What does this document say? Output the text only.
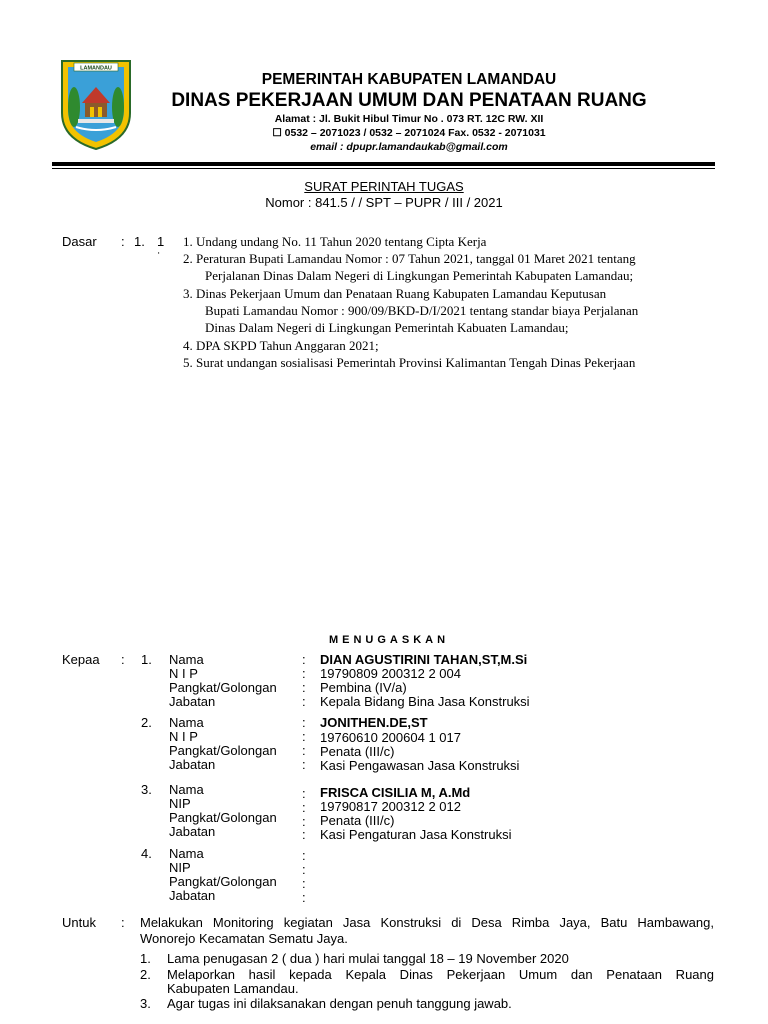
LAMANDAU
PEMERINTAH KABUPATEN LAMANDAU
DINAS PEKERJAAN UMUM DAN PENATAAN RUANG
Alamat : Jl. Bukit Hibul Timur No . 073 RT. 12C RW. XII
☐ 0532 – 2071023 / 0532 – 2071024 Fax. 0532 - 2071031
email : dpupr.lamandaukab@gmail.com
SURAT PERINTAH TUGAS
Nomor : 841.5 / / SPT – PUPR / III / 2021
Dasar : 1. 1
˙
1. Undang undang No. 11 Tahun 2020 tentang Cipta Kerja
2. Peraturan Bupati Lamandau Nomor : 07 Tahun 2021, tanggal 01 Maret 2021 tentang
Perjalanan Dinas Dalam Negeri di Lingkungan Pemerintah Kabupaten Lamandau;
3. Dinas Pekerjaan Umum dan Penataan Ruang Kabupaten Lamandau Keputusan
Bupati Lamandau Nomor : 900/09/BKD-D/I/2021 tentang standar biaya Perjalanan
Dinas Dalam Negeri di Lingkungan Pemerintah Kabuaten Lamandau;
4. DPA SKPD Tahun Anggaran 2021;
5. Surat undangan sosialisasi Pemerintah Provinsi Kalimantan Tengah Dinas Pekerjaan
MENUGASKAN
Kepaa : 1. Nama
N I P
Pangkat/Golongan
Jabatan
:
:
:
:
DIAN AGUSTIRINI TAHAN,ST,M.Si
19790809 200312 2 004
Pembina (IV/a)
Kepala Bidang Bina Jasa Konstruksi
2. Nama
N I P
Pangkat/Golongan
Jabatan
:
:
:
:
JONITHEN.DE,ST
19760610 200604 1 017
Penata (III/c)
Kasi Pengawasan Jasa Konstruksi
3. Nama
NIP
Pangkat/Golongan
Jabatan
:
:
:
:
FRISCA CISILIA M, A.Md
19790817 200312 2 012
Penata (III/c)
Kasi Pengaturan Jasa Konstruksi
4. Nama
NIP
Pangkat/Golongan
Jabatan
:
:
:
:
Untuk : Melakukan Monitoring kegiatan Jasa Konstruksi di Desa Rimba Jaya, Batu Hambawang,
Wonorejo Kecamatan Sematu Jaya.
1. Lama penugasan 2 ( dua ) hari mulai tanggal 18 – 19 November 2020
2. Melaporkan hasil kepada Kepala Dinas Pekerjaan Umum dan Penataan Ruang
Kabupaten Lamandau.
3. Agar tugas ini dilaksanakan dengan penuh tanggung jawab.
